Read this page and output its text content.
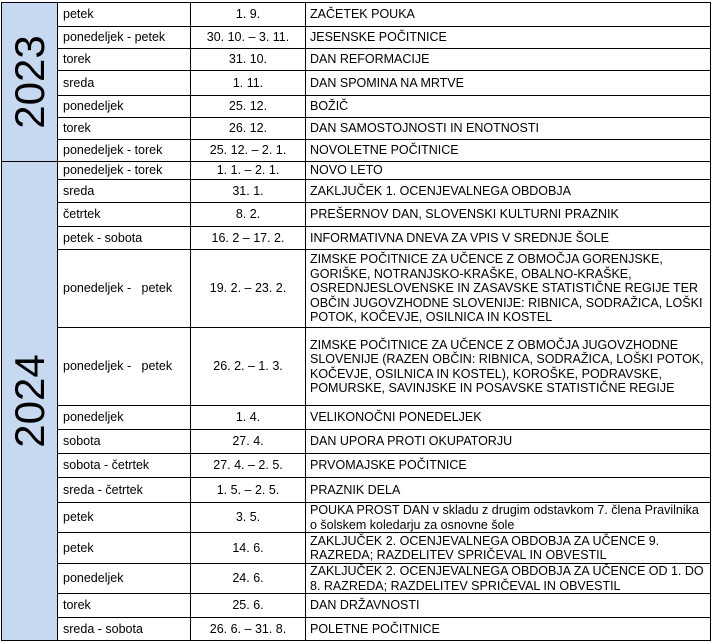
2023	petek	1. 9.	ZAČETEK POUKA
	ponedeljek - petek	30. 10. – 3. 11.	JESENSKE POČITNICE
	torek	31. 10.	DAN REFORMACIJE
	sreda	1. 11.	DAN SPOMINA NA MRTVE
	ponedeljek	25. 12.	BOŽIČ
	torek	26. 12.	DAN SAMOSTOJNOSTI IN ENOTNOSTI
	ponedeljek - torek	25. 12. – 2. 1.	NOVOLETNE POČITNICE

2024	ponedeljek - torek	1. 1. – 2. 1.	NOVO LETO
	sreda	31. 1.	ZAKLJUČEK 1. OCENJEVALNEGA OBDOBJA
	četrtek	8. 2.	PREŠERNOV DAN, SLOVENSKI KULTURNI PRAZNIK
	petek - sobota	16. 2 – 17. 2.	INFORMATIVNA DNEVA ZA VPIS V SREDNJE ŠOLE
	ponedeljek -   petek	19. 2. – 23. 2.	ZIMSKE POČITNICE ZA UČENCE Z OBMOČJA GORENJSKE, GORIŠKE, NOTRANJSKO-KRAŠKE, OBALNO-KRAŠKE, OSREDNJESLOVENSKE IN ZASAVSKE STATISTIČNE REGIJE TER OBČIN JUGOVZHODNE SLOVENIJE: RIBNICA, SODRAŽICA, LOŠKI POTOK, KOČEVJE, OSILNICA IN KOSTEL
	ponedeljek -   petek	26. 2. – 1. 3.	ZIMSKE POČITNICE ZA UČENCE Z OBMOČJA JUGOVZHODNE SLOVENIJE (RAZEN OBČIN: RIBNICA, SODRAŽICA, LOŠKI POTOK, KOČEVJE, OSILNICA IN KOSTEL), KOROŠKE, PODRAVSKE, POMURSKE, SAVINJSKE IN POSAVSKE STATISTIČNE REGIJE
	ponedeljek	1. 4.	VELIKONOČNI PONEDELJEK
	sobota	27. 4.	DAN UPORA PROTI OKUPATORJU
	sobota - četrtek	27. 4. – 2. 5.	PRVOMAJSKE POČITNICE
	sreda - četrtek	1. 5. – 2. 5.	PRAZNIK DELA
	petek	3. 5.	POUKA PROST DAN v skladu z drugim odstavkom 7. člena Pravilnika o šolskem koledarju za osnovne šole
	petek	14. 6.	ZAKLJUČEK 2. OCENJEVALNEGA OBDOBJA ZA UČENCE 9. RAZREDA; RAZDELITEV SPRIČEVAL IN OBVESTIL
	ponedeljek	24. 6.	ZAKLJUČEK 2. OCENJEVALNEGA OBDOBJA ZA UČENCE OD 1. DO 8. RAZREDA; RAZDELITEV SPRIČEVAL IN OBVESTIL
	torek	25. 6.	DAN DRŽAVNOSTI
	sreda - sobota	26. 6. – 31. 8.	POLETNE POČITNICE
